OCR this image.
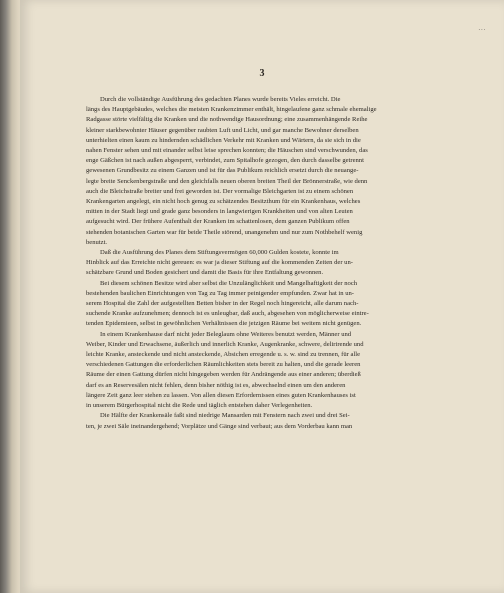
...
3

Durch die vollständige Ausführung des gedachten Planes wurde bereits Vieles erreicht. Die
längs des Hauptgebäudes, welches die meisten Krankenzimmer enthält, hingelaufene ganz schmale ehemalige
Radgasse störte vielfältig die Kranken und die nothwendige Hausordnung; eine zusammenhängende Reihe
kleiner starkbewohnter Häuser gegenüber raubten Luft und Licht, und gar manche Bewohner derselben
unterhielten einen kaum zu hindernden schädlichen Verkehr mit Kranken und Wärtern, da sie sich in die
nahen Fenster sehen und mit einander selbst leise sprechen konnten; die Häuschen sind verschwunden, das
enge Gäßchen ist nach außen abgesperrt, verbindet, zum Spitalhofe gezogen, den durch dasselbe getrennt
gewesenen Grundbesitz zu einem Ganzen und ist für das Publikum reichlich ersetzt durch die neuange-
legte breite Senckenbergstraße und den gleichfalls neuen oberen breiten Theil der Brönnerstraße, wie denn
auch die Bleichstraße breiter und frei geworden ist. Der vormalige Bleichgarten ist zu einem schönen
Krankengarten angelegt, ein nicht hoch genug zu schätzendes Besitzthum für ein Krankenhaus, welches
mitten in der Stadt liegt und grade ganz besonders in langwierigen Krankheiten und von alten Leuten
aufgesucht wird. Der frühere Aufenthalt der Kranken im schattenlosen, dem ganzen Publikum offen
stehenden botanischen Garten war für beide Theile störend, unangenehm und nur zum Nothbehelf wenig
benutzt.

Daß die Ausführung des Planes dem Stiftungsvermögen 60,000 Gulden kostete, konnte im
Hinblick auf das Erreichte nicht gereuen: es war ja dieser Stiftung auf die kommenden Zeiten der un-
schätzbare Grund und Boden gesichert und damit die Basis für ihre Entfaltung gewonnen.

Bei diesem schönen Besitze wird aber selbst die Unzulänglichkeit und Mangelhaftigkeit der noch
bestehenden baulichen Einrichtungen von Tag zu Tag immer peinigender empfunden. Zwar hat in un-
serem Hospital die Zahl der aufgestellten Betten bisher in der Regel noch hingereicht, alle darum nach-
suchende Kranke aufzunehmen; dennoch ist es unleugbar, daß auch, abgesehen von möglicherweise eintre-
tenden Epidemieen, selbst in gewöhnlichen Verhältnissen die jetzigen Räume bei weitem nicht genügen.

In einem Krankenhause darf nicht jeder Beleglaum ohne Weiteres benutzt werden, Männer und
Weiber, Kinder und Erwachsene, äußerlich und innerlich Kranke, Augenkranke, schwere, delirirende und
leichte Kranke, ansteckende und nicht ansteckende, Absichen erregende u. s. w. sind zu trennen, für alle
verschiedenen Gattungen die erforderlichen Räumlichkeiten stets bereit zu halten, und die gerade leeren
Räume der einen Gattung dürfen nicht hingegeben werden für Andrängende aus einer anderen; überdieß
darf es an Reservesälen nicht fehlen, denn bisher nöthig ist es, abwechselnd einen um den anderen
längere Zeit ganz leer stehen zu lassen. Von allen diesen Erfordernissen eines guten Krankenhauses ist
in unserem Bürgerhospital nicht die Rede und täglich entstehen daher Verlegenheiten.

Die Hälfte der Krankensäle faßt sind niedrige Mansarden mit Fenstern nach zwei und drei Sei-
ten, je zwei Säle ineinandergehend; Vorplätze und Gänge sind verbaut; aus dem Vorderbau kann man
